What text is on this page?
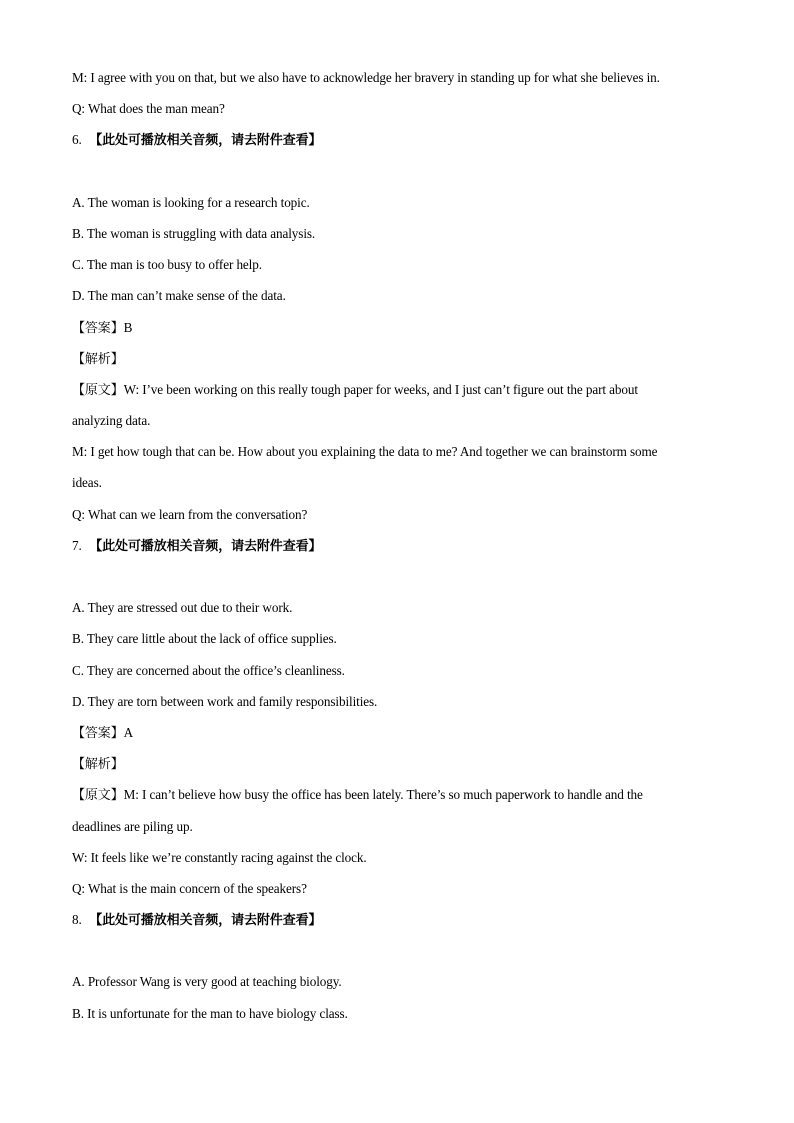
M: I agree with you on that, but we also have to acknowledge her bravery in standing up for what she believes in.
Q: What does the man mean?
6. 【此处可播放相关音频，请去附件查看】
A. The woman is looking for a research topic.
B. The woman is struggling with data analysis.
C. The man is too busy to offer help.
D. The man can’t make sense of the data.
【答案】B
【解析】
【原文】W: I’ve been working on this really tough paper for weeks, and I just can’t figure out the part about
analyzing data.
M: I get how tough that can be. How about you explaining the data to me? And together we can brainstorm some
ideas.
Q: What can we learn from the conversation?
7. 【此处可播放相关音频，请去附件查看】
A. They are stressed out due to their work.
B. They care little about the lack of office supplies.
C. They are concerned about the office’s cleanliness.
D. They are torn between work and family responsibilities.
【答案】A
【解析】
【原文】M: I can’t believe how busy the office has been lately. There’s so much paperwork to handle and the
deadlines are piling up.
W: It feels like we’re constantly racing against the clock.
Q: What is the main concern of the speakers?
8. 【此处可播放相关音频，请去附件查看】
A. Professor Wang is very good at teaching biology.
B. It is unfortunate for the man to have biology class.
